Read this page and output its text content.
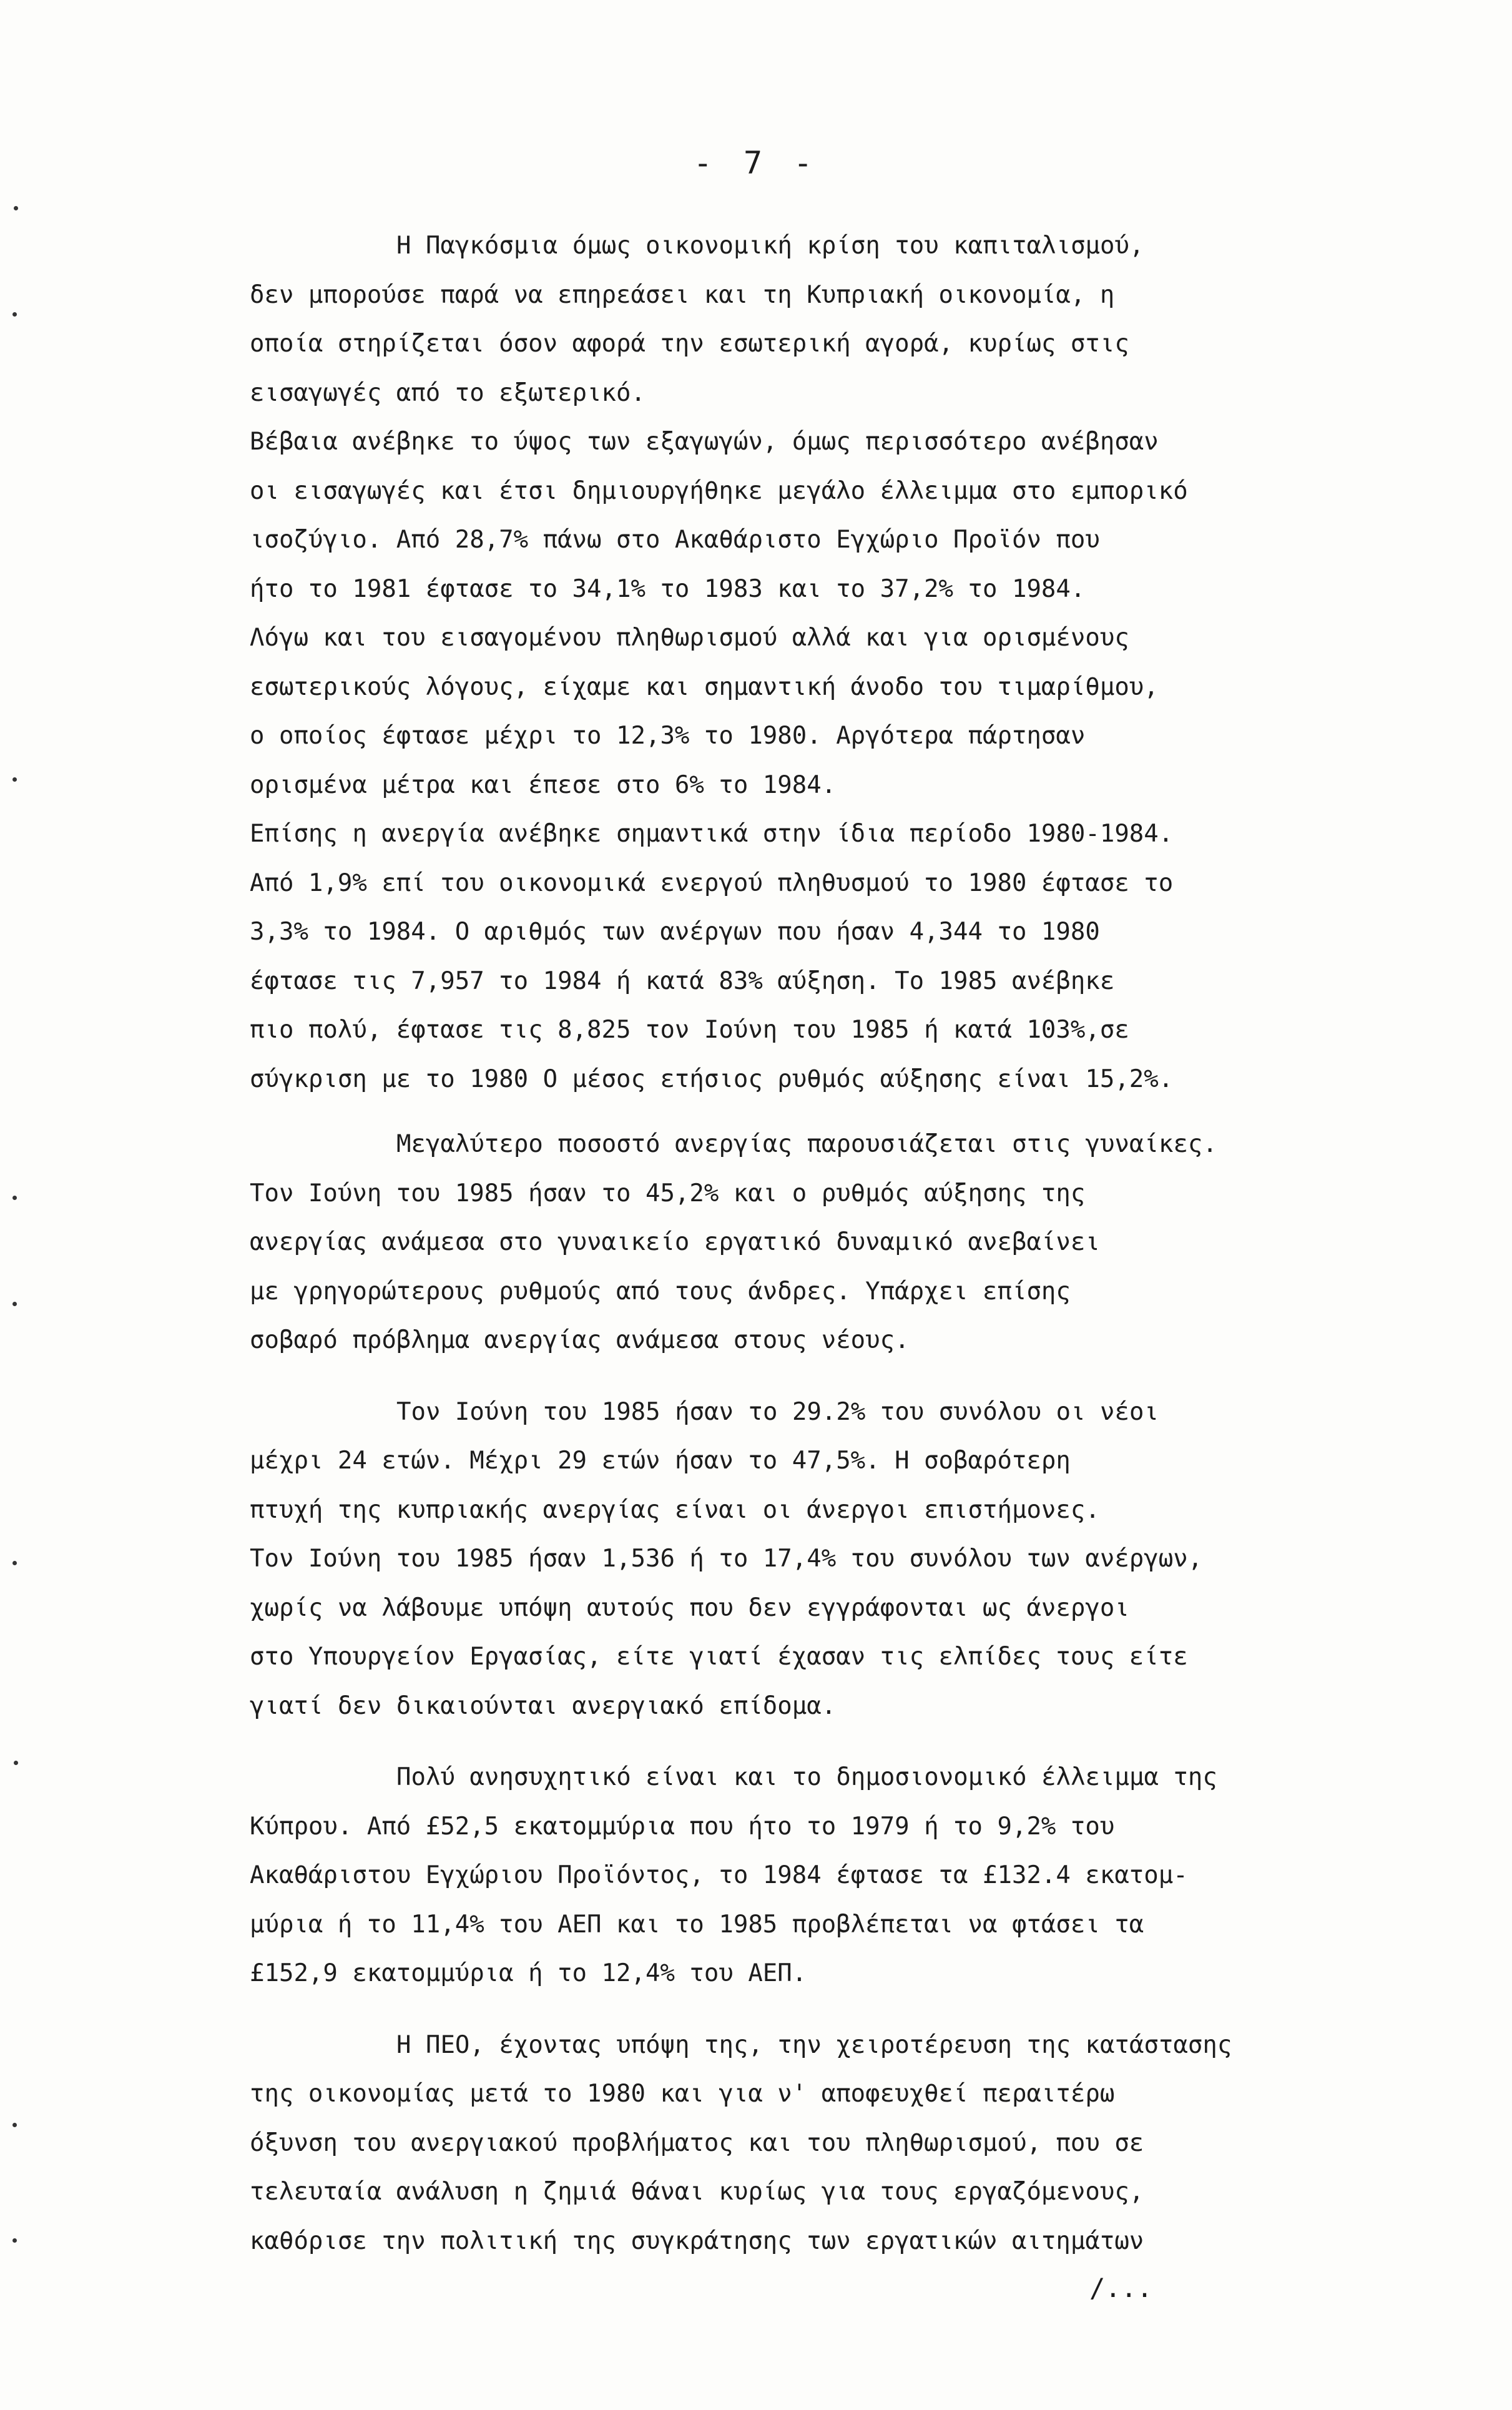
- 7 -
Η Παγκόσμια όμως οικονομική κρίση του καπιταλισμού,
δεν μπορούσε παρά να επηρεάσει και τη Κυπριακή οικονομία, η
οποία στηρίζεται όσον αφορά την εσωτερική αγορά, κυρίως στις
εισαγωγές από το εξωτερικό.
Βέβαια ανέβηκε το ύψος των εξαγωγών, όμως περισσότερο ανέβησαν
οι εισαγωγές και έτσι δημιουργήθηκε μεγάλο έλλειμμα στο εμπορικό
ισοζύγιο. Από 28,7% πάνω στο Ακαθάριστο Εγχώριο Προϊόν που
ήτο το 1981 έφτασε το 34,1% το 1983 και το 37,2% το 1984.
Λόγω και του εισαγομένου πληθωρισμού αλλά και για ορισμένους
εσωτερικούς λόγους, είχαμε και σημαντική άνοδο του τιμαρίθμου,
ο οποίος έφτασε μέχρι το 12,3% το 1980. Αργότερα πάρτησαν
ορισμένα μέτρα και έπεσε στο 6% το 1984.
Επίσης η ανεργία ανέβηκε σημαντικά στην ίδια περίοδο 1980-1984.
Από 1,9% επί του οικονομικά ενεργού πληθυσμού το 1980 έφτασε το
3,3% το 1984. Ο αριθμός των ανέργων που ήσαν 4,344 το 1980
έφτασε τις 7,957 το 1984 ή κατά 83% αύξηση. Το 1985 ανέβηκε
πιο πολύ, έφτασε τις 8,825 τον Ιούνη του 1985 ή κατά 103%,σε
σύγκριση με το 1980 Ο μέσος ετήσιος ρυθμός αύξησης είναι 15,2%.
Μεγαλύτερο ποσοστό ανεργίας παρουσιάζεται στις γυναίκες.
Τον Ιούνη του 1985 ήσαν το 45,2% και ο ρυθμός αύξησης της
ανεργίας ανάμεσα στο γυναικείο εργατικό δυναμικό ανεβαίνει
με γρηγορώτερους ρυθμούς από τους άνδρες. Υπάρχει επίσης
σοβαρό πρόβλημα ανεργίας ανάμεσα στους νέους.
Τον Ιούνη του 1985 ήσαν το 29.2% του συνόλου οι νέοι
μέχρι 24 ετών. Μέχρι 29 ετών ήσαν το 47,5%. Η σοβαρότερη
πτυχή της κυπριακής ανεργίας είναι οι άνεργοι επιστήμονες.
Τον Ιούνη του 1985 ήσαν 1,536 ή το 17,4% του συνόλου των ανέργων,
χωρίς να λάβουμε υπόψη αυτούς που δεν εγγράφονται ως άνεργοι
στο Υπουργείον Εργασίας, είτε γιατί έχασαν τις ελπίδες τους είτε
γιατί δεν δικαιούνται ανεργιακό επίδομα.
Πολύ ανησυχητικό είναι και το δημοσιονομικό έλλειμμα της
Κύπρου. Από £52,5 εκατομμύρια που ήτο το 1979 ή το 9,2% του
Ακαθάριστου Εγχώριου Προϊόντος, το 1984 έφτασε τα £132.4 εκατομ-
μύρια ή το 11,4% του ΑΕΠ και το 1985 προβλέπεται να φτάσει τα
£152,9 εκατομμύρια ή το 12,4% του ΑΕΠ.
Η ΠΕΟ, έχοντας υπόψη της, την χειροτέρευση της κατάστασης
της οικονομίας μετά το 1980 και για ν' αποφευχθεί περαιτέρω
όξυνση του ανεργιακού προβλήματος και του πληθωρισμού, που σε
τελευταία ανάλυση η ζημιά θάναι κυρίως για τους εργαζόμενους,
καθόρισε την πολιτική της συγκράτησης των εργατικών αιτημάτων
/...
